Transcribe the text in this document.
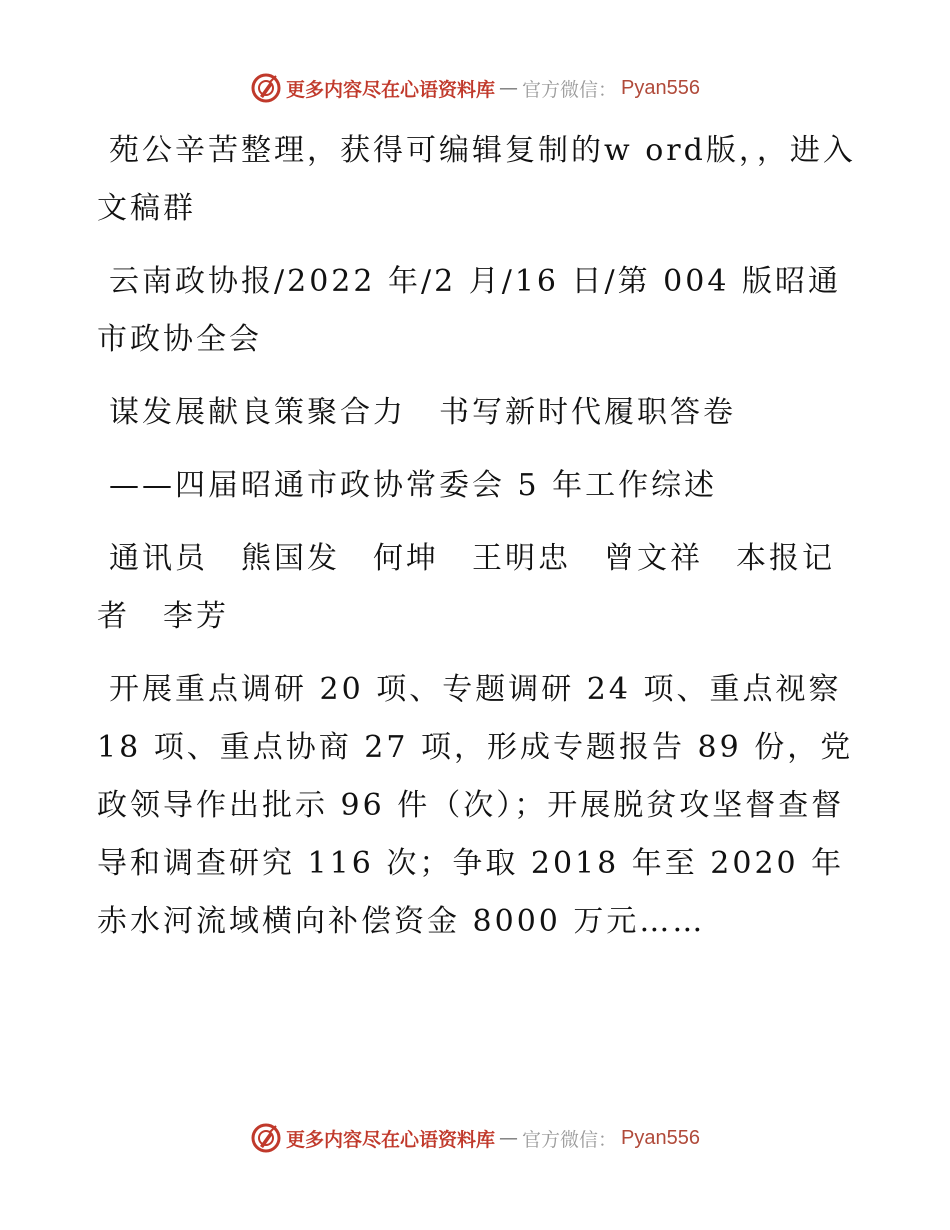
更多内容尽在心语资料库 — 官方微信： Pyan556

苑公辛苦整理，获得可编辑复制的w ord版，，进入文稿群

云南政协报/2022 年/2 月/16 日/第 004 版昭通市政协全会

谋发展献良策聚合力　书写新时代履职答卷

——四届昭通市政协常委会 5 年工作综述

通讯员　熊国发　何坤　王明忠　曾文祥　本报记者　李芳

开展重点调研 20 项、专题调研 24 项、重点视察 18 项、重点协商 27 项，形成专题报告 89 份，党政领导作出批示 96 件（次）；开展脱贫攻坚督查督导和调查研究 116 次；争取 2018 年至 2020 年赤水河流域横向补偿资金 8000 万元……

更多内容尽在心语资料库 — 官方微信： Pyan556
